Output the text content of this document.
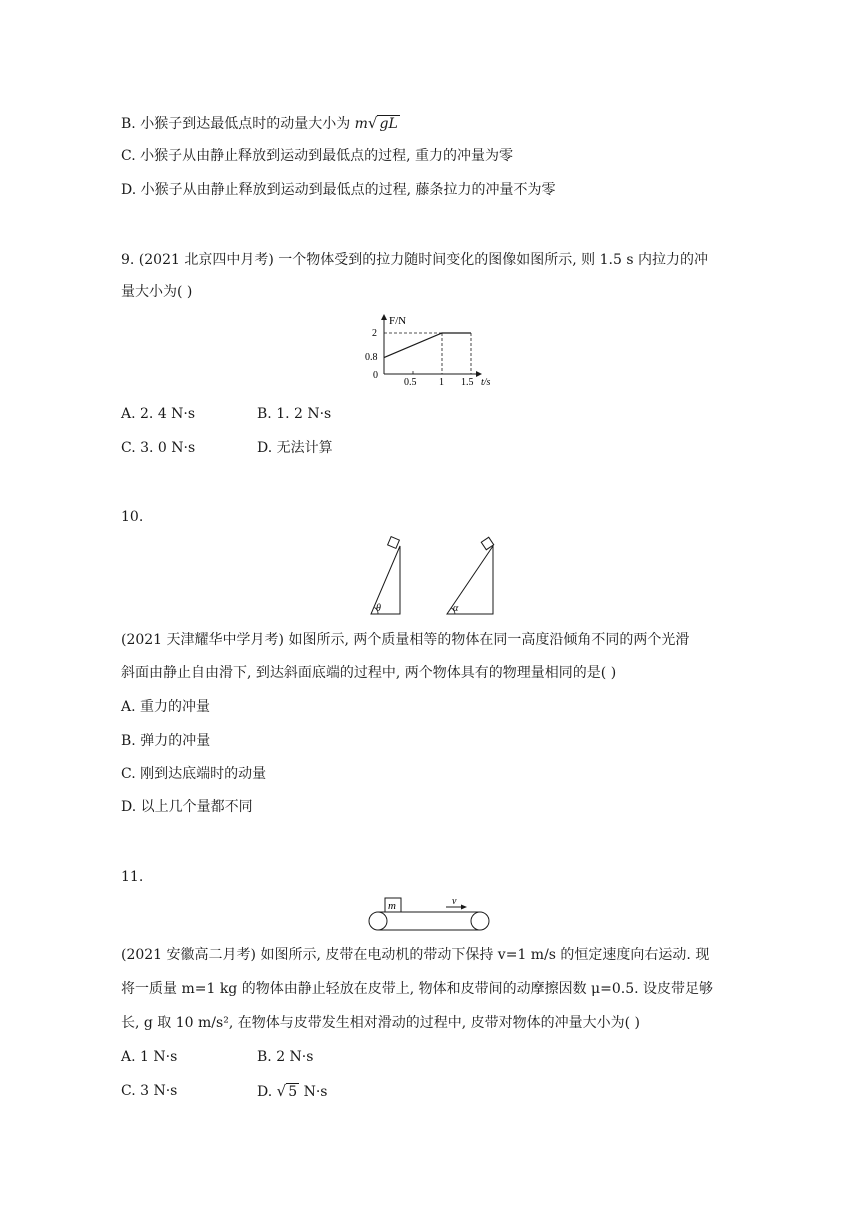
B. 小猴子到达最低点时的动量大小为 m√ gL
C. 小猴子从由静止释放到运动到最低点的过程, 重力的冲量为零
D. 小猴子从由静止释放到运动到最低点的过程, 藤条拉力的冲量不为零
9. (2021 北京四中月考) 一个物体受到的拉力随时间变化的图像如图所示, 则 1.5 s 内拉力的冲
量大小为( )
F/N
t/s
0
0.8
2
0.5 1 1.5
A. 2. 4 N·s	B. 1. 2 N·s
C. 3. 0 N·s	D. 无法计算
10.
θ	α
(2021 天津耀华中学月考) 如图所示, 两个质量相等的物体在同一高度沿倾角不同的两个光滑
斜面由静止自由滑下, 到达斜面底端的过程中, 两个物体具有的物理量相同的是( )
A. 重力的冲量
B. 弹力的冲量
C. 刚到达底端时的动量
D. 以上几个量都不同
11.
m	v
(2021 安徽高二月考) 如图所示, 皮带在电动机的带动下保持 v=1 m/s 的恒定速度向右运动. 现
将一质量 m=1 kg 的物体由静止轻放在皮带上, 物体和皮带间的动摩擦因数 μ=0.5. 设皮带足够
长, g 取 10 m/s², 在物体与皮带发生相对滑动的过程中, 皮带对物体的冲量大小为( )
A. 1 N·s	B. 2 N·s
C. 3 N·s	D. √ 5 N·s
